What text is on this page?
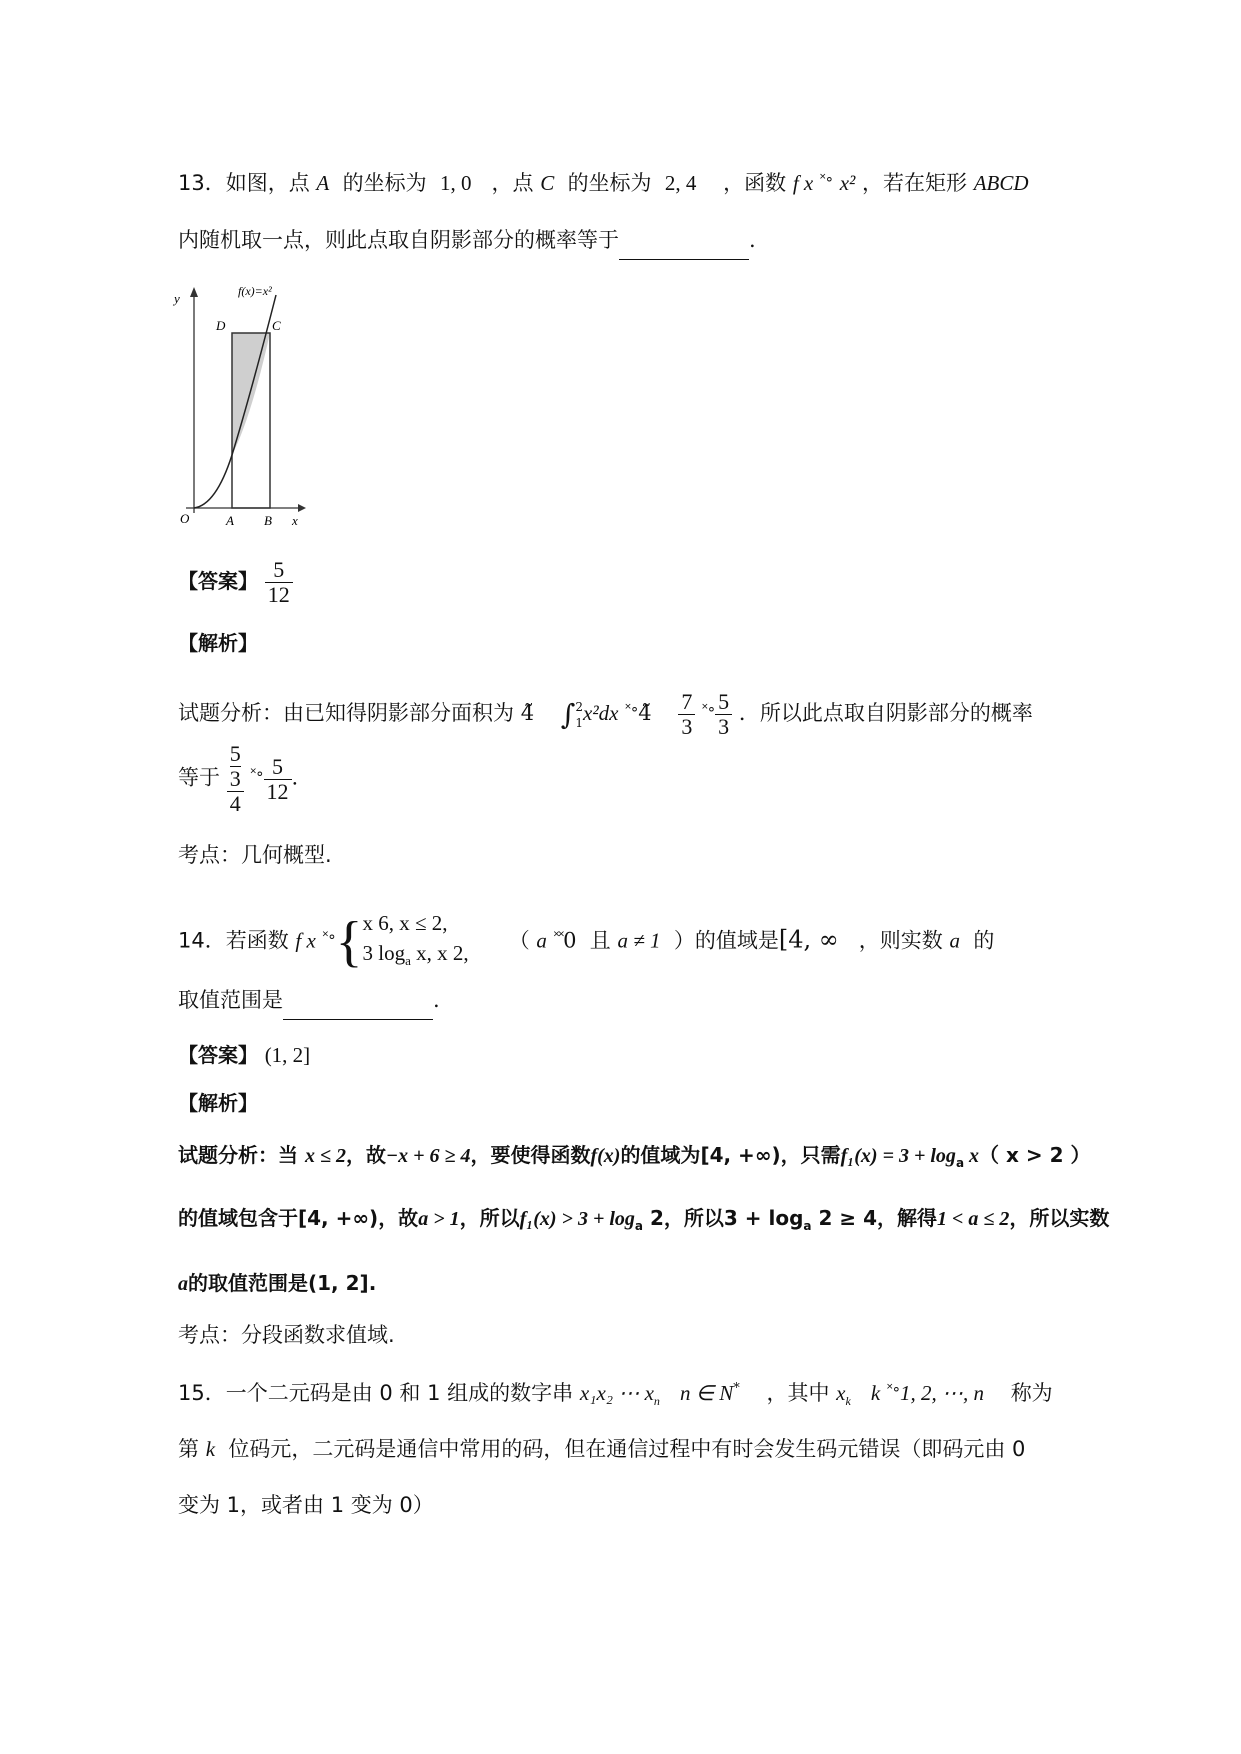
13．如图，点 A 的坐标为 1, 0 ，点 C 的坐标为 2, 4 ，函数 f x ˟∘ x² ，若在矩形 ABCD
内随机取一点，则此点取自阴影部分的概率等于	.
f(x)=x²
y
D	C
O	A B x
【答案】 $\frac{5}{12}$
【解析】
试题分析：由已知得阴影部分面积为 4̃ ∫ 2
1 x²dx ˟∘4̃ $\frac{7}{3} ^{˟\circ} \frac{5}{3}$ ．所以此点取自阴影部分的概率
等于 $\frac{\frac{5}{3}}{4} ^{˟\circ} \frac{5}{12}$ .
考点：几何概型.
14．若函数 f x ˟∘{ x 6, x ≤ 2,
3 $\log_a x$, x 2,
（ a ˟˟0 且 a ≠ 1 ）的值域是[4, ∞ ，则实数 a 的
取值范围是	.
【答案】 (1, 2]
【解析】
试题分析：当 x ≤ 2，故−x + 6 ≥ 4，要使得函数f(x)的值域为[4, +∞)，只需$f_1(x) = 3 + \log_a x$（ x > 2 ）
的值域包含于[4, +∞)，故a > 1，所以$f_1(x) > 3 + \log_a 2$，所以$3 + \log_a 2 \ge 4$，解得1 < a ≤ 2，所以实数
a的取值范围是(1, 2].
考点：分段函数求值域.
15．一个二元码是由 0 和 1 组成的数字串 x₁x₂ ⋯ $x_n$ n ∈ N* ，其中 $x_k$ k ˟∘1, 2, ⋯, n 称为
第 k 位码元，二元码是通信中常用的码，但在通信过程中有时会发生码元错误（即码元由 0
变为 1，或者由 1 变为 0）
